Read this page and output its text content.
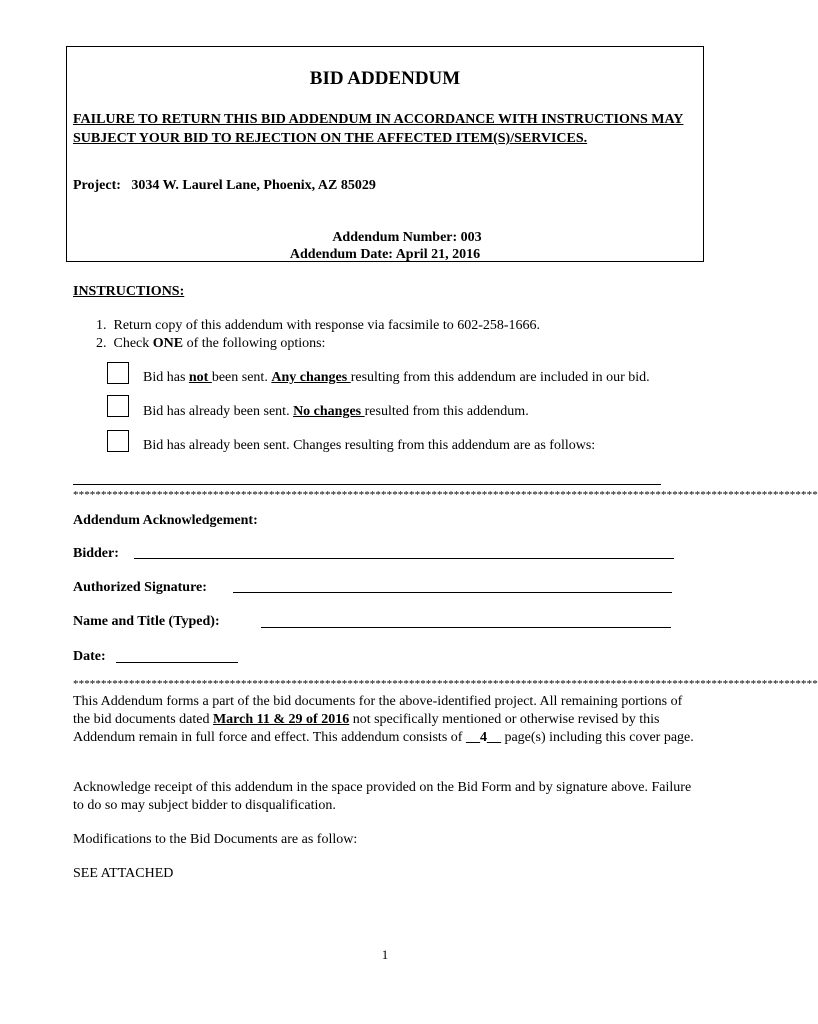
BID ADDENDUM
FAILURE TO RETURN THIS BID ADDENDUM IN ACCORDANCE WITH INSTRUCTIONS MAY SUBJECT YOUR BID TO REJECTION ON THE AFFECTED ITEM(S)/SERVICES.
Project:   3034 W. Laurel Lane, Phoenix, AZ 85029
Addendum Number: 003
Addendum Date: April 21, 2016
INSTRUCTIONS:
1. Return copy of this addendum with response via facsimile to 602-258-1666.
2. Check ONE of the following options:
Bid has not been sent. Any changes resulting from this addendum are included in our bid.
Bid has already been sent. No changes resulted from this addendum.
Bid has already been sent. Changes resulting from this addendum are as follows:
*************************************************************************************************************************************
Addendum Acknowledgement:
Bidder:
Authorized Signature:
Name and Title (Typed):
Date:
*************************************************************************************************************************************
This Addendum forms a part of the bid documents for the above-identified project. All remaining portions of the bid documents dated March 11 & 29 of 2016 not specifically mentioned or otherwise revised by this Addendum remain in full force and effect. This addendum consists of __4__ page(s) including this cover page.
Acknowledge receipt of this addendum in the space provided on the Bid Form and by signature above. Failure to do so may subject bidder to disqualification.
Modifications to the Bid Documents are as follow:
SEE ATTACHED
1
